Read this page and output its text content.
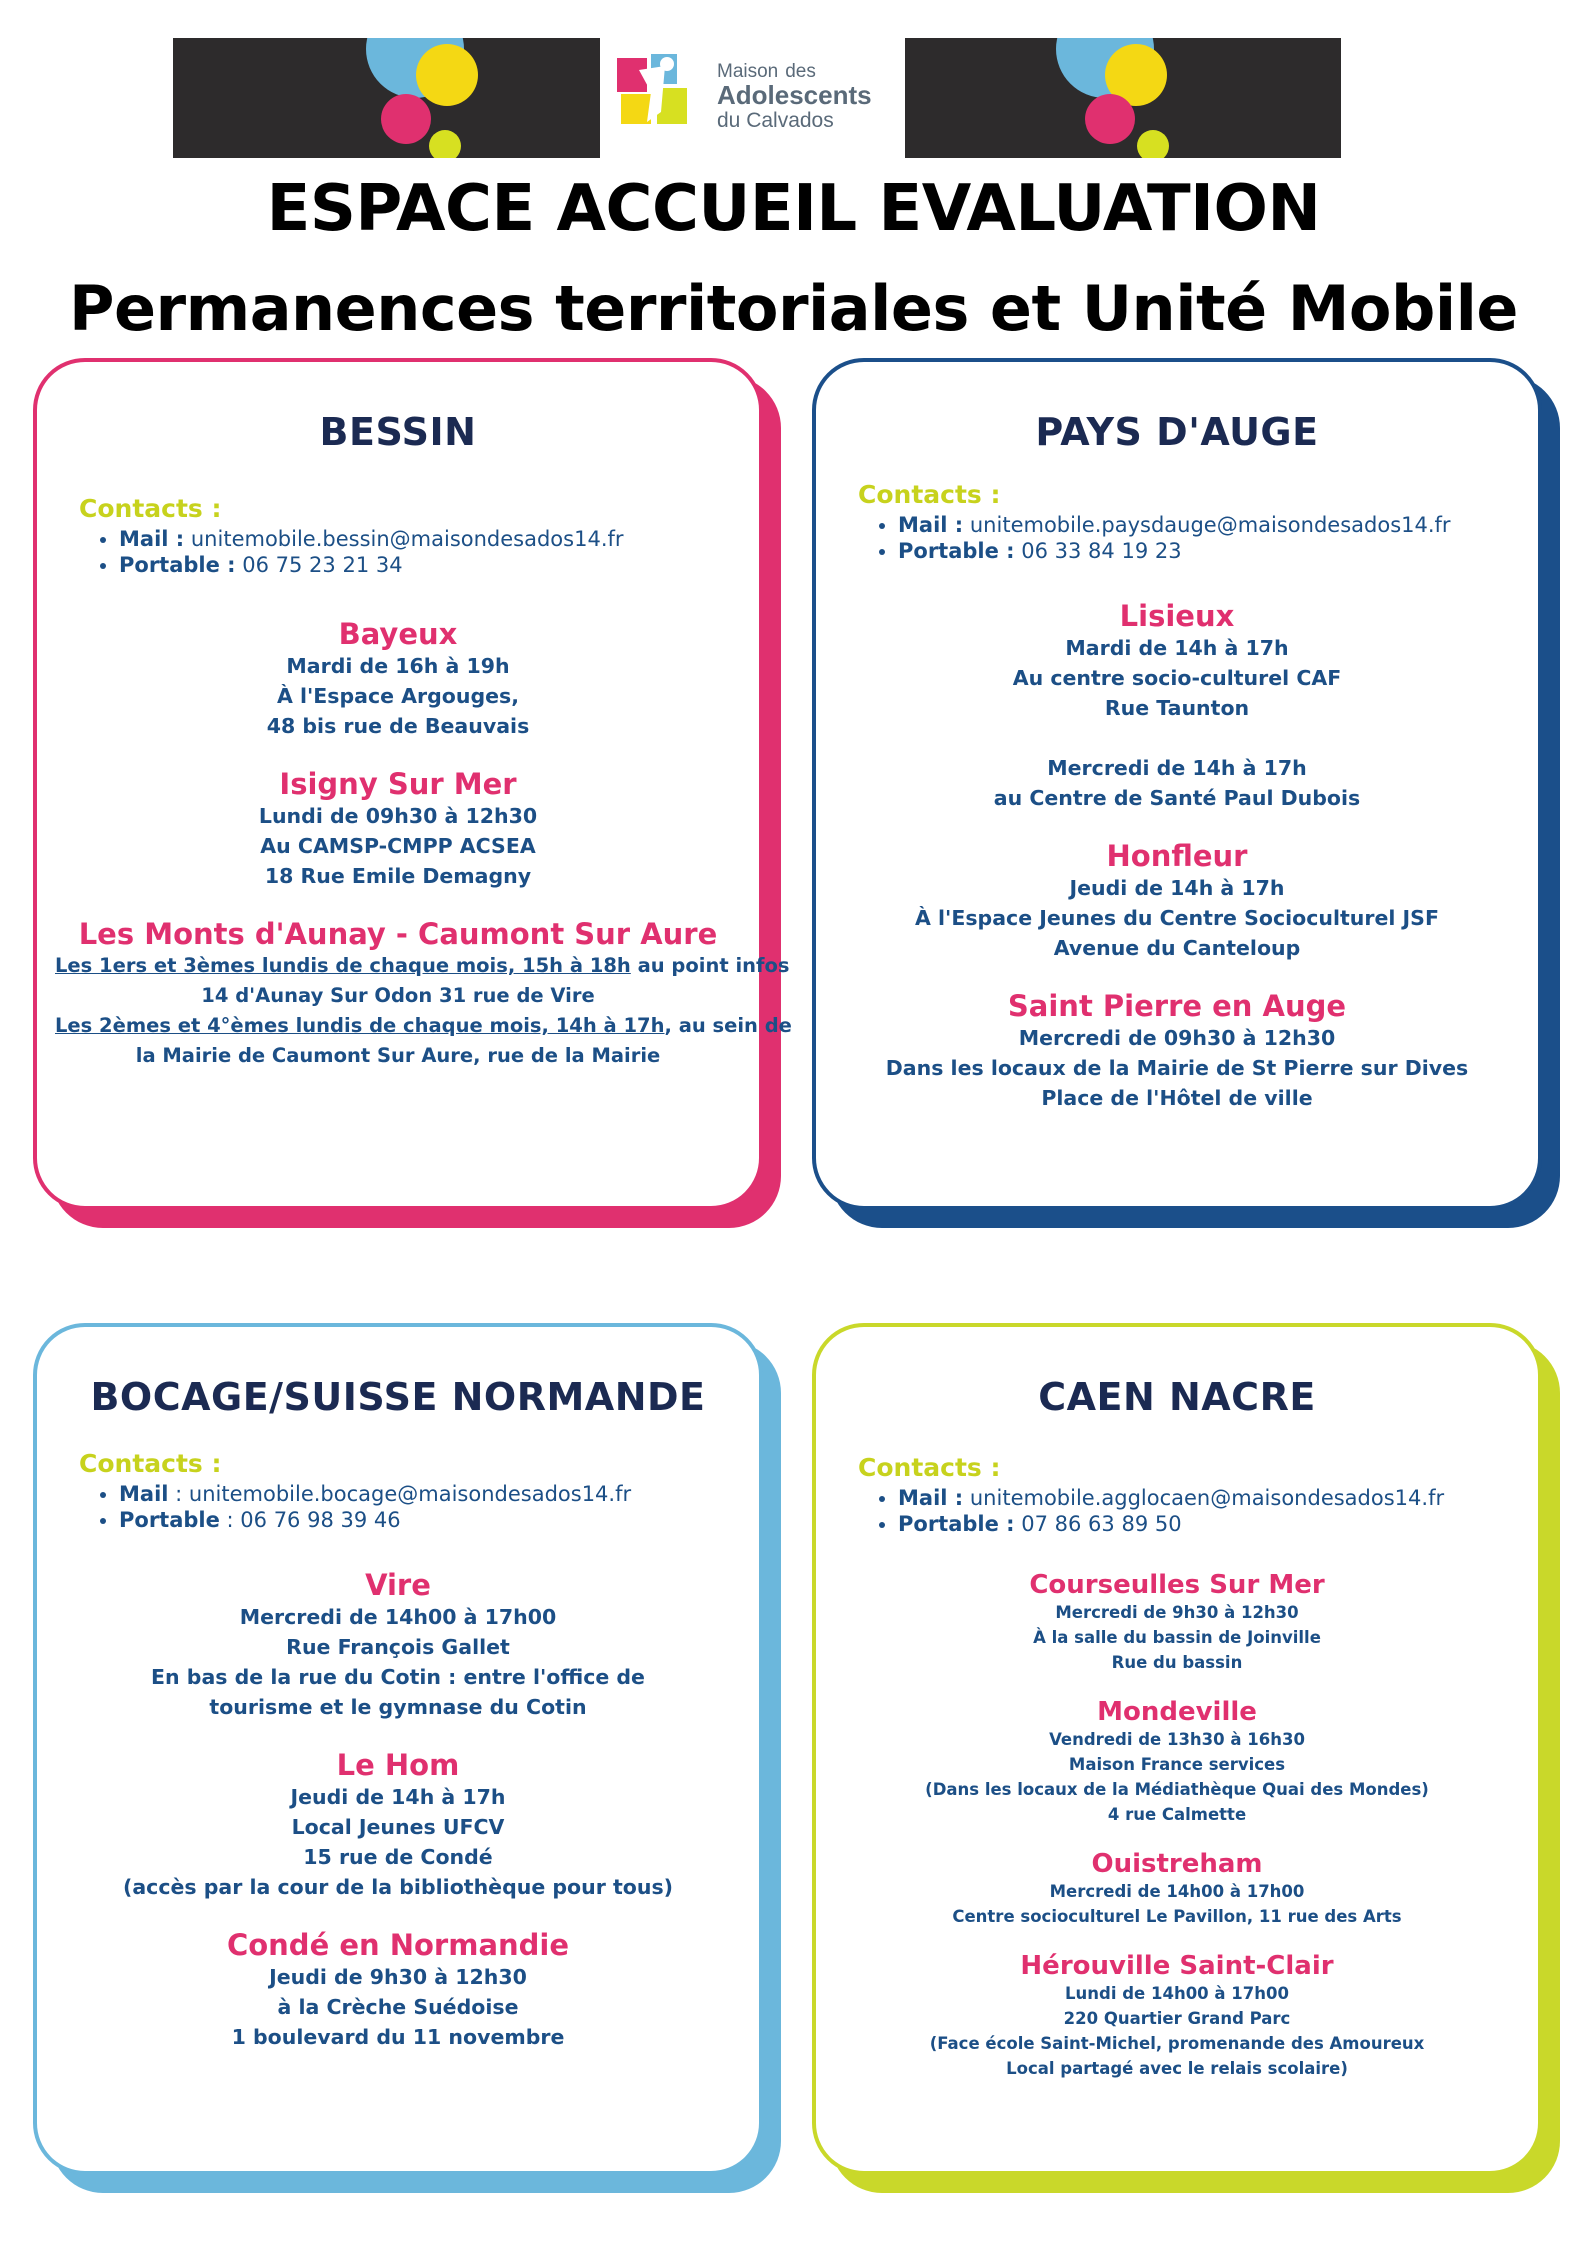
Maison des
Adolescents
du Calvados
ESPACE ACCUEIL EVALUATION
Permanences territoriales et Unité Mobile
BESSIN
Contacts :
• Mail : unitemobile.bessin@maisondesados14.fr
• Portable : 06 75 23 21 34
Bayeux
Mardi de 16h à 19h
À l'Espace Argouges,
48 bis rue de Beauvais
Isigny Sur Mer
Lundi de 09h30 à 12h30
Au CAMSP-CMPP ACSEA
18 Rue Emile Demagny
Les Monts d'Aunay - Caumont Sur Aure
Les 1ers et 3èmes lundis de chaque mois, 15h à 18h au point infos
14 d'Aunay Sur Odon 31 rue de Vire
Les 2èmes et 4°èmes lundis de chaque mois, 14h à 17h, au sein de
la Mairie de Caumont Sur Aure, rue de la Mairie
PAYS D'AUGE
Contacts :
• Mail : unitemobile.paysdauge@maisondesados14.fr
• Portable : 06 33 84 19 23
Lisieux
Mardi de 14h à 17h
Au centre socio-culturel CAF
Rue Taunton
Mercredi de 14h à 17h
au Centre de Santé Paul Dubois
Honfleur
Jeudi de 14h à 17h
À l'Espace Jeunes du Centre Socioculturel JSF
Avenue du Canteloup
Saint Pierre en Auge
Mercredi de 09h30 à 12h30
Dans les locaux de la Mairie de St Pierre sur Dives
Place de l'Hôtel de ville
BOCAGE/SUISSE NORMANDE
Contacts :
• Mail : unitemobile.bocage@maisondesados14.fr
• Portable : 06 76 98 39 46
Vire
Mercredi de 14h00 à 17h00
Rue François Gallet
En bas de la rue du Cotin : entre l'office de
tourisme et le gymnase du Cotin
Le Hom
Jeudi de 14h à 17h
Local Jeunes UFCV
15 rue de Condé
(accès par la cour de la bibliothèque pour tous)
Condé en Normandie
Jeudi de 9h30 à 12h30
à la Crèche Suédoise
1 boulevard du 11 novembre
CAEN NACRE
Contacts :
• Mail : unitemobile.agglocaen@maisondesados14.fr
• Portable : 07 86 63 89 50
Courseulles Sur Mer
Mercredi de 9h30 à 12h30
À la salle du bassin de Joinville
Rue du bassin
Mondeville
Vendredi de 13h30 à 16h30
Maison France services
(Dans les locaux de la Médiathèque Quai des Mondes)
4 rue Calmette
Ouistreham
Mercredi de 14h00 à 17h00
Centre socioculturel Le Pavillon, 11 rue des Arts
Hérouville Saint-Clair
Lundi de 14h00 à 17h00
220 Quartier Grand Parc
(Face école Saint-Michel, promenande des Amoureux
Local partagé avec le relais scolaire)
